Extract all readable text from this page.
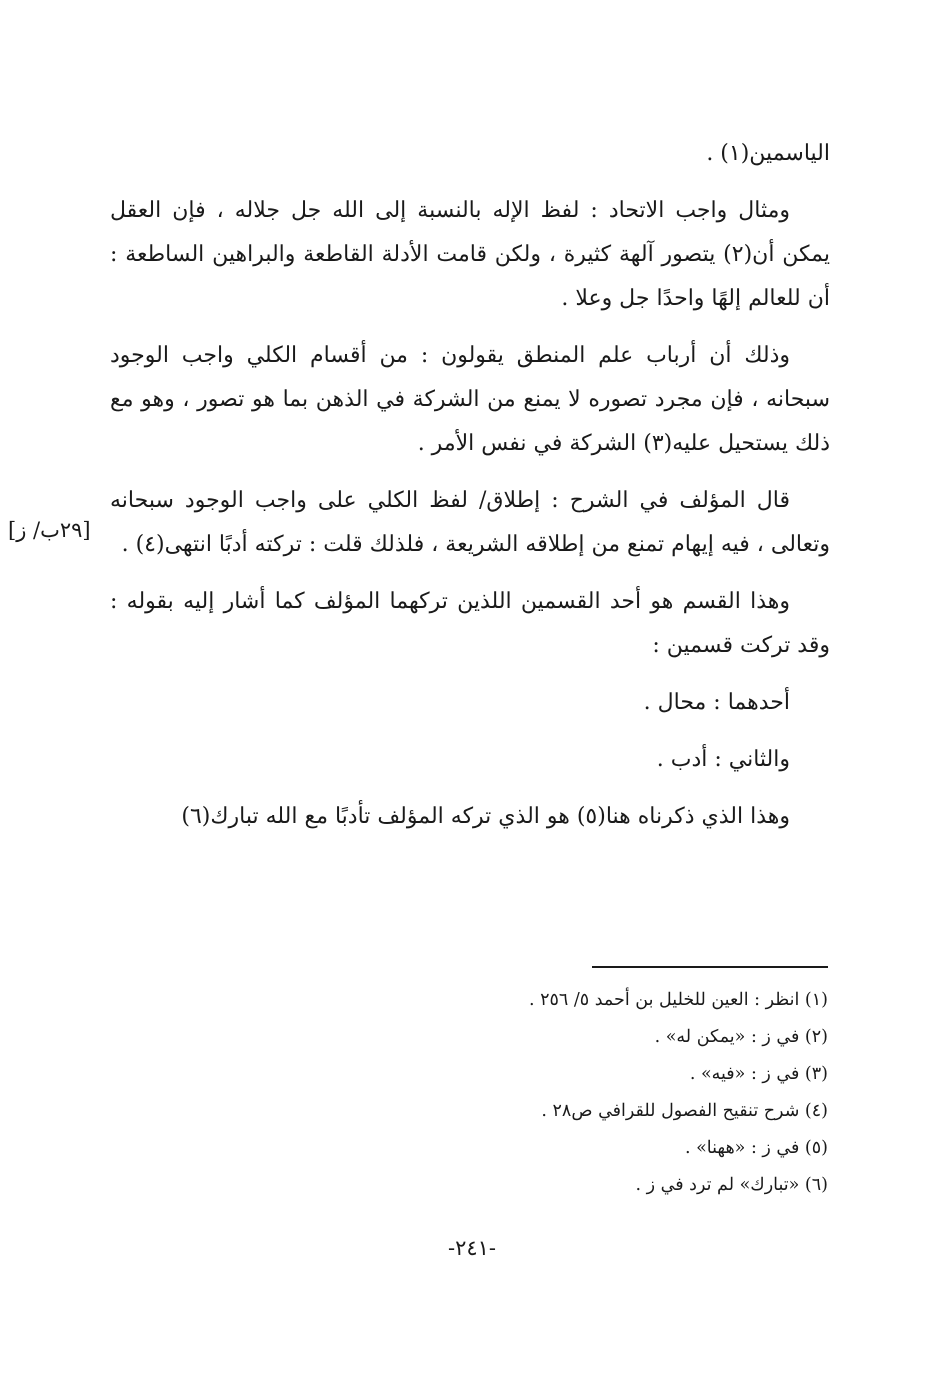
الياسمين(١) .

ومثال واجب الاتحاد : لفظ الإله بالنسبة إلى الله جل جلاله ، فإن العقل يمكن أن(٢) يتصور آلهة كثيرة ، ولكن قامت الأدلة القاطعة والبراهين الساطعة : أن للعالم إلهًا واحدًا جل وعلا .

وذلك أن أرباب علم المنطق يقولون : من أقسام الكلي واجب الوجود سبحانه ، فإن مجرد تصوره لا يمنع من الشركة في الذهن بما هو تصور ، وهو مع ذلك يستحيل عليه(٣) الشركة في نفس الأمر .

قال المؤلف في الشرح : إطلاق/ لفظ الكلي على واجب الوجود سبحانه وتعالى ، فيه إيهام تمنع من إطلاقه الشريعة ، فلذلك قلت : تركته أدبًا انتهى(٤) .

وهذا القسم هو أحد القسمين اللذين تركهما المؤلف كما أشار إليه بقوله : وقد تركت قسمين :

أحدهما : محال .

والثاني : أدب .

وهذا الذي ذكرناه هنا(٥) هو الذي تركه المؤلف تأدبًا مع الله تبارك(٦)

[٢٩ب/ ز]
(١) انظر : العين للخليل بن أحمد ٥/ ٢٥٦ .
(٢) في ز : «يمكن له» .
(٣) في ز : «فيه» .
(٤) شرح تنقيح الفصول للقرافي ص٢٨ .
(٥) في ز : «ههنا» .
(٦) «تبارك» لم ترد في ز .
-٢٤١-
